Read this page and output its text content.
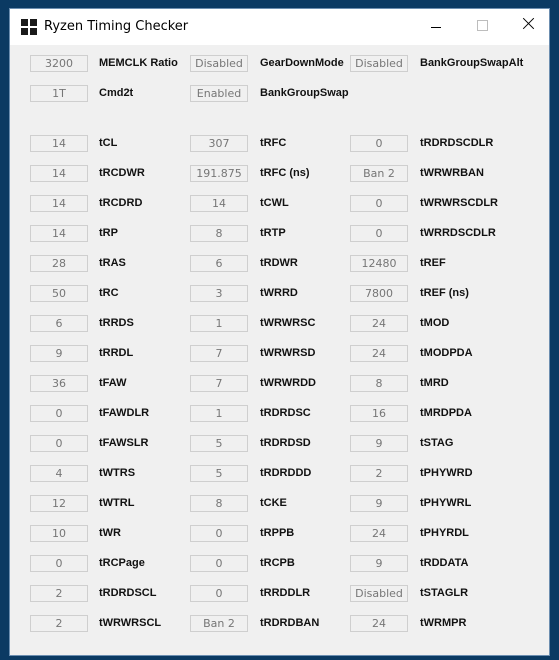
Ryzen Timing Checker
3200	MEMCLK Ratio	Disabled	GearDownMode	Disabled	BankGroupSwapAlt
1T	Cmd2t	Enabled	BankGroupSwap
14	tCL	307	tRFC	0	tRDRDSCDLR
14	tRCDWR	191.875	tRFC (ns)	Ban 2	tWRWRBAN
14	tRCDRD	14	tCWL	0	tWRWRSCDLR
14	tRP	8	tRTP	0	tWRRDSCDLR
28	tRAS	6	tRDWR	12480	tREF
50	tRC	3	tWRRD	7800	tREF (ns)
6	tRRDS	1	tWRWRSC	24	tMOD
9	tRRDL	7	tWRWRSD	24	tMODPDA
36	tFAW	7	tWRWRDD	8	tMRD
0	tFAWDLR	1	tRDRDSC	16	tMRDPDA
0	tFAWSLR	5	tRDRDSD	9	tSTAG
4	tWTRS	5	tRDRDDD	2	tPHYWRD
12	tWTRL	8	tCKE	9	tPHYWRL
10	tWR	0	tRPPB	24	tPHYRDL
0	tRCPage	0	tRCPB	9	tRDDATA
2	tRDRDSCL	0	tRRDDLR	Disabled	tSTAGLR
2	tWRWRSCL	Ban 2	tRDRDBAN	24	tWRMPR
